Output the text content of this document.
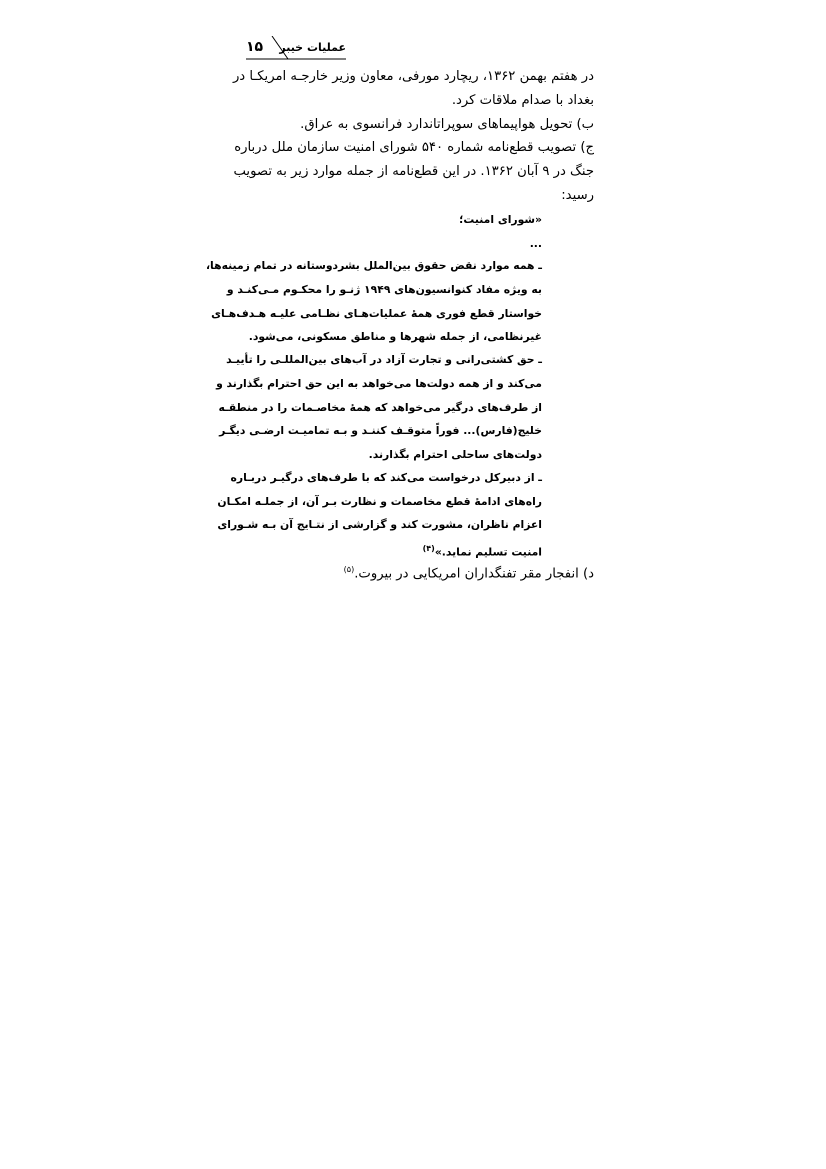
۱۵	عملیات خیبر
در هفتم بهمن ۱۳۶۲، ریچارد مورفی، معاون وزیر خارجـه امریکـا در
بغداد با صدام ملاقات کرد.
ب) تحویل هواپیماهای سوپراتاندارد فرانسوی به عراق.
ج) تصویب قطع‌نامه شماره ۵۴۰ شورای امنیت سازمان ملل درباره
جنگ در ۹ آبان ۱۳۶۲. در این قطع‌نامه از جمله موارد زیر به تصویب
رسید:
«شورای امنیت؛
...
ـ همه موارد نقض حقوق بین‌الملل بشردوستانه در تمام زمینه‌ها،
به ویژه مفاد کنوانسیون‌های ۱۹۴۹ ژنـو را محکـوم مـی‌کنـد و
خواستار قطع فوری همهٔ عملیات‌هـای نظـامی علیـه هـدف‌هـای
غیرنظامی، از جمله شهرها و مناطق مسکونی، می‌شود.
ـ حق کشتی‌رانی و تجارت آزاد در آب‌های بین‌المللـی را تأییـد
می‌کند و از همه دولت‌ها می‌خواهد به این حق احترام بگذارند و
از طرف‌های درگیر می‌خواهد که همهٔ مخاصـمات را در منطقـه
خلیج(فارس)... فوراً متوقـف کننـد و بـه تمامیـت ارضـی دیگـر
دولت‌های ساحلی احترام بگذارند.
ـ از دبیرکل درخواست می‌کند که با طرف‌های درگیـر دربـاره
راه‌های ادامهٔ قطع مخاصمات و نظارت بـر آن، از جملـه امکـان
اعزام ناظران، مشورت کند و گزارشی از نتـایج آن بـه شـورای
امنیت تسلیم نماید.»$^{(۴)}$
د) انفجار مقر تفنگداران امریکایی در بیروت.$^{(۵)}$
